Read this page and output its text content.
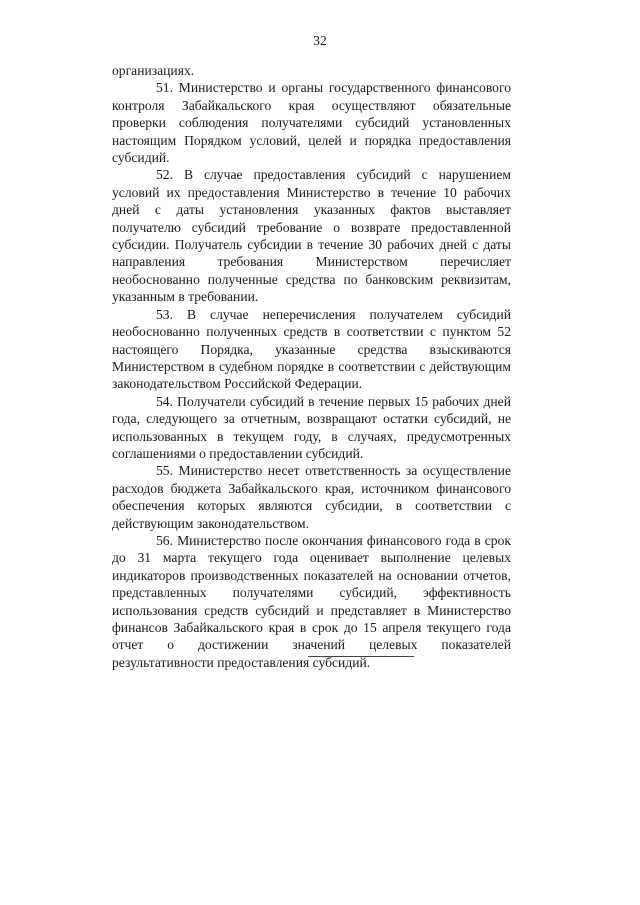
32

организациях.

51. Министерство и органы государственного финансового контроля Забайкальского края осуществляют обязательные проверки соблюдения получателями субсидий установленных настоящим Порядком условий, целей и порядка предоставления субсидий.

52. В случае предоставления субсидий с нарушением условий их предоставления Министерство в течение 10 рабочих дней с даты установления указанных фактов выставляет получателю субсидий требование о возврате предоставленной субсидии. Получатель субсидии в течение 30 рабочих дней с даты направления требования Министерством перечисляет необоснованно полученные средства по банковским реквизитам, указанным в требовании.

53. В случае неперечисления получателем субсидий необоснованно полученных средств в соответствии с пунктом 52 настоящего Порядка, указанные средства взыскиваются Министерством в судебном порядке в соответствии с действующим законодательством Российской Федерации.

54. Получатели субсидий в течение первых 15 рабочих дней года, следующего за отчетным, возвращают остатки субсидий, не использованных в текущем году, в случаях, предусмотренных соглашениями о предоставлении субсидий.

55. Министерство несет ответственность за осуществление расходов бюджета Забайкальского края, источником финансового обеспечения которых являются субсидии, в соответствии с действующим законодательством.

56. Министерство после окончания финансового года в срок до 31 марта текущего года оценивает выполнение целевых индикаторов производственных показателей на основании отчетов, представленных получателями субсидий, эффективность использования средств субсидий и представляет в Министерство финансов Забайкальского края в срок до 15 апреля текущего года отчет о достижении значений целевых показателей результативности предоставления субсидий.
